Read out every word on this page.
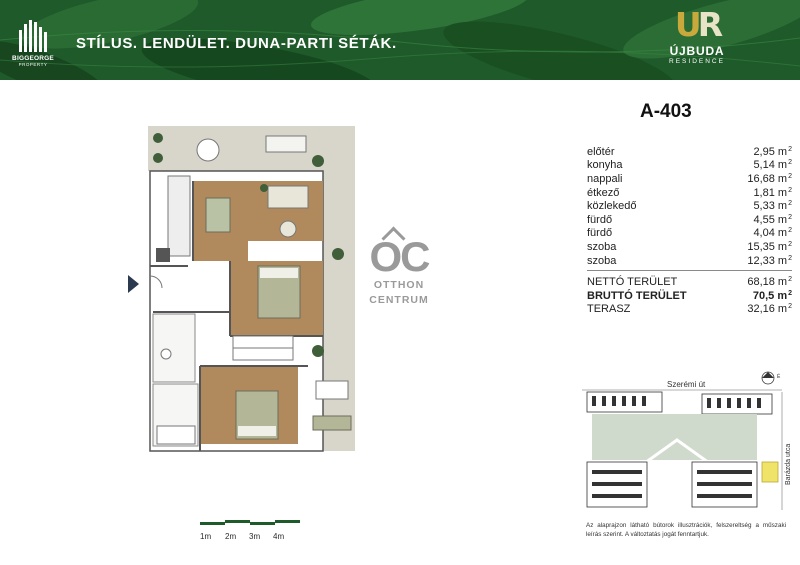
BIGGEORGE
PROPERTY
STÍLUS. LENDÜLET. DUNA-PARTI SÉTÁK.	UR
ÚJBUDA
RESIDENCE
1m 2m 3m 4m
OC
OTTHON
CENTRUM
A-403
előtér	2,95 $m^2$
konyha	5,14 $m^2$
nappali	16,68 $m^2$
étkező	1,81 $m^2$
közlekedő	5,33 $m^2$
fürdő	4,55 $m^2$
fürdő	4,04 $m^2$
szoba	15,35 $m^2$
szoba	12,33 $m^2$
NETTÓ TERÜLET	68,18 $m^2$
BRUTTÓ TERÜLET	70,5 $m^2$
TERASZ	32,16 $m^2$
Szerémi út
É
Barázda utca
Az alaprajzon látható bútorok illusztrációk, felszereltség a műszaki leírás szerint. A változtatás jogát fenntartjuk.
